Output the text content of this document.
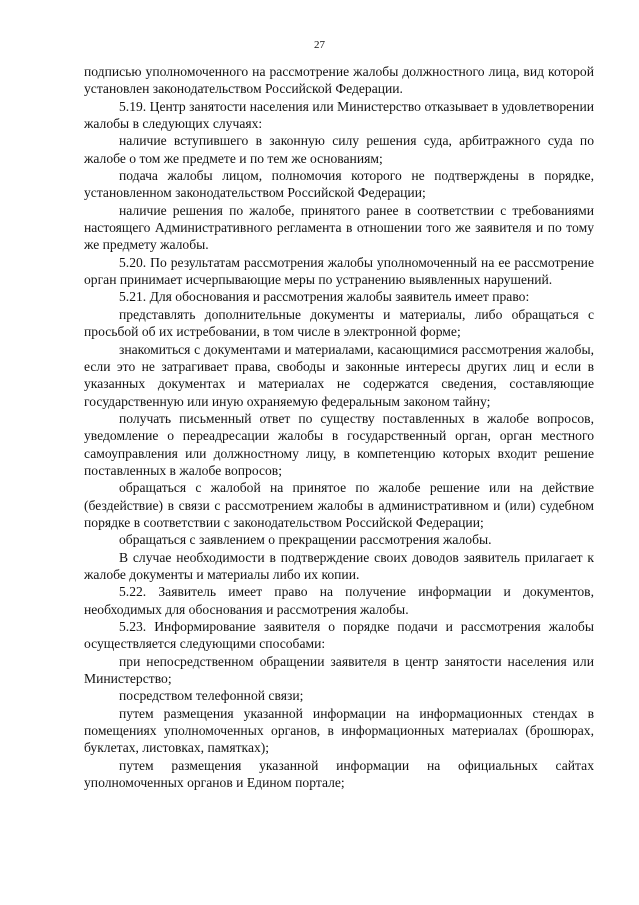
27

подписью уполномоченного на рассмотрение жалобы должностного лица, вид которой установлен законодательством Российской Федерации.

5.19. Центр занятости населения или Министерство отказывает в удовлетворении жалобы в следующих случаях:

наличие вступившего в законную силу решения суда, арбитражного суда по жалобе о том же предмете и по тем же основаниям;

подача жалобы лицом, полномочия которого не подтверждены в порядке, установленном законодательством Российской Федерации;

наличие решения по жалобе, принятого ранее в соответствии с требованиями настоящего Административного регламента в отношении того же заявителя и по тому же предмету жалобы.

5.20. По результатам рассмотрения жалобы уполномоченный на ее рассмотрение орган принимает исчерпывающие меры по устранению выявленных нарушений.

5.21. Для обоснования и рассмотрения жалобы заявитель имеет право:

представлять дополнительные документы и материалы, либо обращаться с просьбой об их истребовании, в том числе в электронной форме;

знакомиться с документами и материалами, касающимися рассмотрения жалобы, если это не затрагивает права, свободы и законные интересы других лиц и если в указанных документах и материалах не содержатся сведения, составляющие государственную или иную охраняемую федеральным законом тайну;

получать письменный ответ по существу поставленных в жалобе вопросов, уведомление о переадресации жалобы в государственный орган, орган местного самоуправления или должностному лицу, в компетенцию которых входит решение поставленных в жалобе вопросов;

обращаться с жалобой на принятое по жалобе решение или на действие (бездействие) в связи с рассмотрением жалобы в административном и (или) судебном порядке в соответствии с законодательством Российской Федерации;

обращаться с заявлением о прекращении рассмотрения жалобы.

В случае необходимости в подтверждение своих доводов заявитель прилагает к жалобе документы и материалы либо их копии.

5.22. Заявитель имеет право на получение информации и документов, необходимых для обоснования и рассмотрения жалобы.

5.23. Информирование заявителя о порядке подачи и рассмотрения жалобы осуществляется следующими способами:

при непосредственном обращении заявителя в центр занятости населения или Министерство;

посредством телефонной связи;

путем размещения указанной информации на информационных стендах в помещениях уполномоченных органов, в информационных материалах (брошюрах, буклетах, листовках, памятках);

путем размещения указанной информации на официальных сайтах уполномоченных органов и Едином портале;
